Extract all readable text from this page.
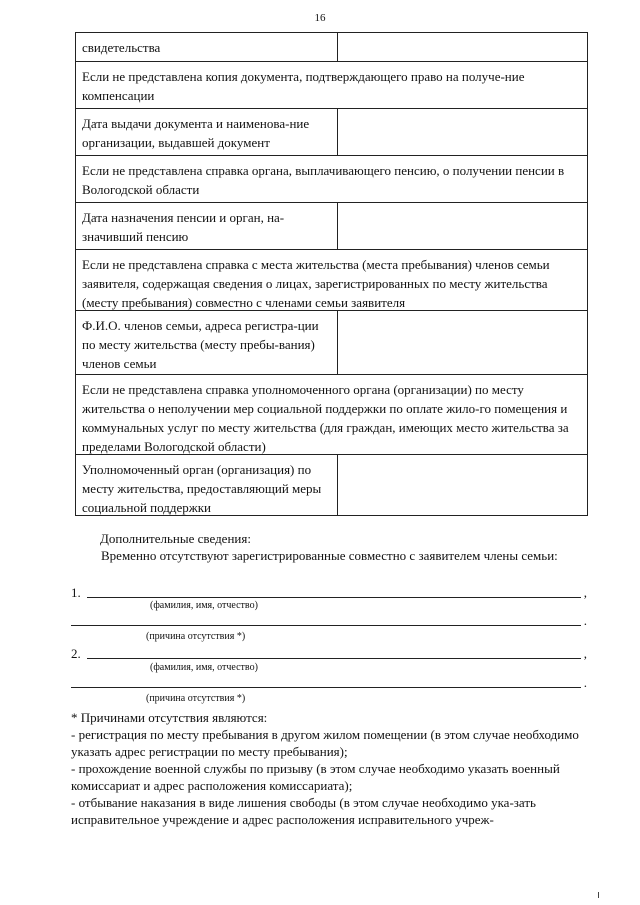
16
свидетельства
Если не представлена копия документа, подтверждающего право на получе-ние компенсации
Дата выдачи документа и наименова-ние организации, выдавшей документ
Если не представлена справка органа, выплачивающего пенсию, о получении пенсии в Вологодской области
Дата назначения пенсии и орган, на-значивший пенсию
Если не представлена справка с места жительства (места пребывания) членов семьи заявителя, содержащая сведения о лицах, зарегистрированных по месту жительства (месту пребывания) совместно с членами семьи заявителя
Ф.И.О. членов семьи, адреса регистра-ции по месту жительства (месту пребы-вания) членов семьи
Если не представлена справка уполномоченного органа (организации) по месту жительства о неполучении мер социальной поддержки по оплате жило-го помещения и коммунальных услуг по месту жительства (для граждан, имеющих место жительства за пределами Вологодской области)
Уполномоченный орган (организация) по месту жительства, предоставляющий меры социальной поддержки
Дополнительные сведения:
Временно отсутствуют зарегистрированные совместно с заявителем члены семьи:
1.	,
(фамилия, имя, отчество)
.
(причина отсутствия *)
2.	,
(фамилия, имя, отчество)
.
(причина отсутствия *)

* Причинами отсутствия являются:

- регистрация по месту пребывания в другом жилом помещении (в этом случае необходимо указать адрес регистрации по месту пребывания);

- прохождение военной службы по призыву (в этом случае необходимо указать военный комиссариат и адрес расположения комиссариата);

- отбывание наказания в виде лишения свободы (в этом случае необходимо ука-зать исправительное учреждение и адрес расположения исправительного учреж-
